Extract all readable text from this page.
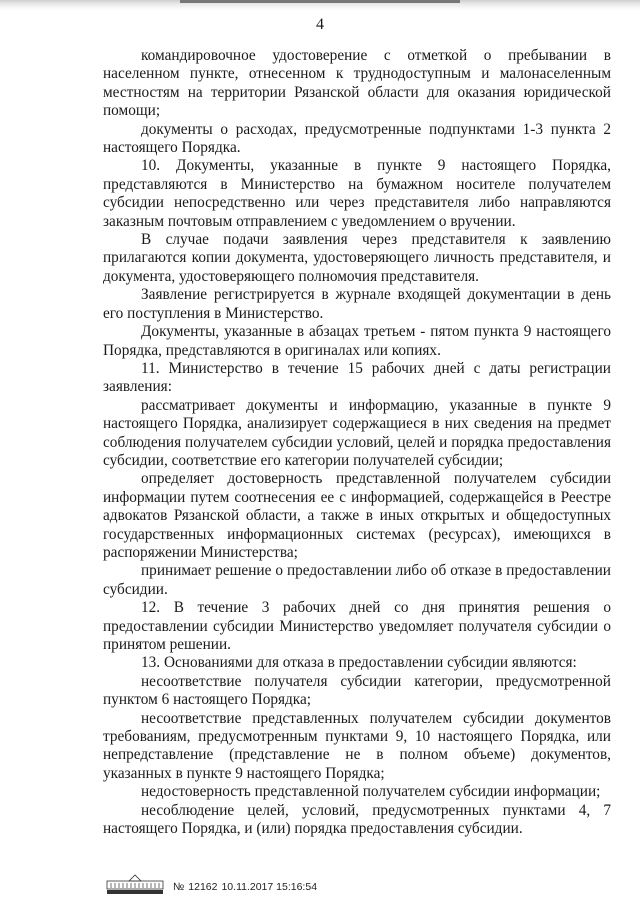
4

командировочное удостоверение с отметкой о пребывании в населенном пункте, отнесенном к труднодоступным и малонаселенным местностям на территории Рязанской области для оказания юридической помощи;

документы о расходах, предусмотренные подпунктами 1-3 пункта 2 настоящего Порядка.

10. Документы, указанные в пункте 9 настоящего Порядка, представляются в Министерство на бумажном носителе получателем субсидии непосредственно или через представителя либо направляются заказным почтовым отправлением с уведомлением о вручении.

В случае подачи заявления через представителя к заявлению прилагаются копии документа, удостоверяющего личность представителя, и документа, удостоверяющего полномочия представителя.

Заявление регистрируется в журнале входящей документации в день его поступления в Министерство.

Документы, указанные в абзацах третьем - пятом пункта 9 настоящего Порядка, представляются в оригиналах или копиях.

11. Министерство в течение 15 рабочих дней с даты регистрации заявления:

рассматривает документы и информацию, указанные в пункте 9 настоящего Порядка, анализирует содержащиеся в них сведения на предмет соблюдения получателем субсидии условий, целей и порядка предоставления субсидии, соответствие его категории получателей субсидии;

определяет достоверность представленной получателем субсидии информации путем соотнесения ее с информацией, содержащейся в Реестре адвокатов Рязанской области, а также в иных открытых и общедоступных государственных информационных системах (ресурсах), имеющихся в распоряжении Министерства;

принимает решение о предоставлении либо об отказе в предоставлении субсидии.

12. В течение 3 рабочих дней со дня принятия решения о предоставлении субсидии Министерство уведомляет получателя субсидии о принятом решении.

13. Основаниями для отказа в предоставлении субсидии являются:

несоответствие получателя субсидии категории, предусмотренной пунктом 6 настоящего Порядка;

несоответствие представленных получателем субсидии документов требованиям, предусмотренным пунктами 9, 10 настоящего Порядка, или непредставление (представление не в полном объеме) документов, указанных в пункте 9 настоящего Порядка;

недостоверность представленной получателем субсидии информации;

несоблюдение целей, условий, предусмотренных пунктами 4, 7 настоящего Порядка, и (или) порядка предоставления субсидии.

№ 12162 10.11.2017 15:16:54
